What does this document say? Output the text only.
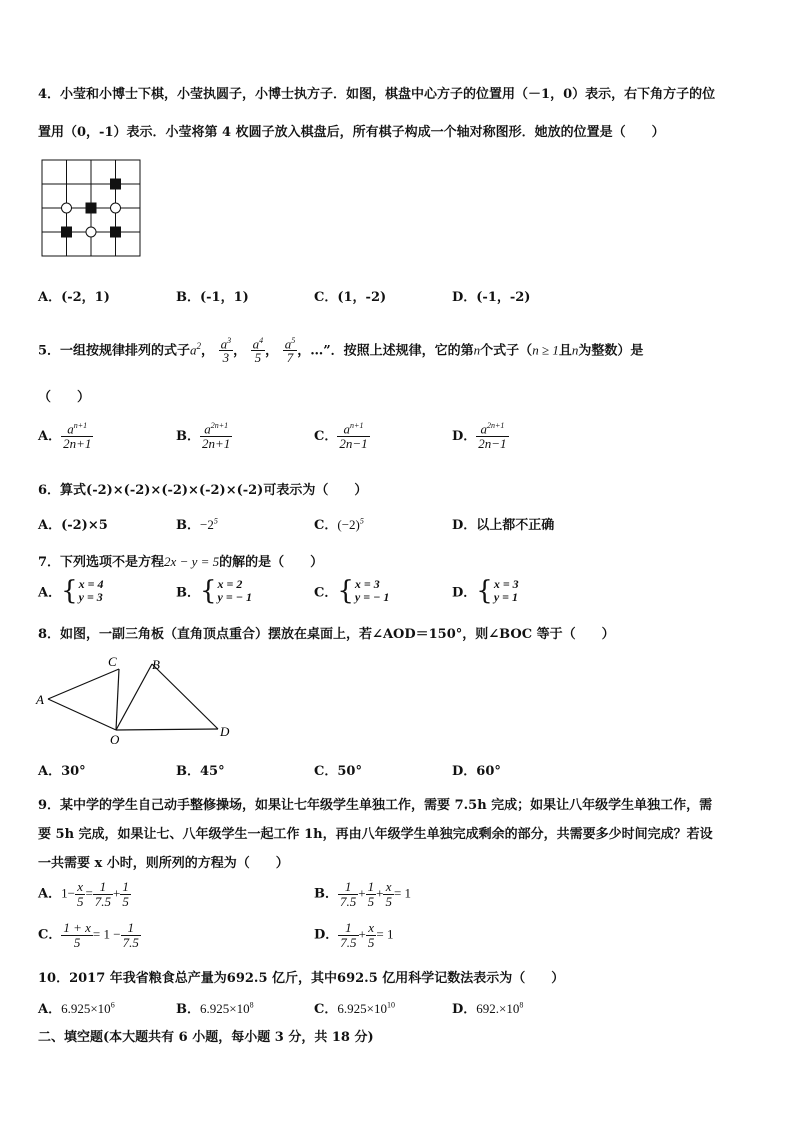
4．小莹和小博士下棋，小莹执圆子，小博士执方子．如图，棋盘中心方子的位置用（－1，0）表示，右下角方子的位
置用（0，-1）表示．小莹将第 4 枚圆子放入棋盘后，所有棋子构成一个轴对称图形．她放的位置是（　　）
A．(-2，1)	B．(-1，1)	C．(1，-2)	D．(-1，-2)
5．一组按规律排列的式子$a^2$， $\frac{a^3}{3}$ ， $\frac{a^4}{5}$ ， $\frac{a^5}{7}$ ，…”．按照上述规律，它的第n个式子（n ≥ 1且n为整数）是
（　　）
A． $\frac{a^{n+1}}{2n+1}$	B． $\frac{a^{2n+1}}{2n+1}$	C． $\frac{a^{n+1}}{2n-1}$	D． $\frac{a^{2n+1}}{2n-1}$
6．算式(-2)×(-2)×(-2)×(-2)×(-2)可表示为（　　）
A．(-2)×5	B．$-2^5$	C．$(-2)^5$	D．以上都不正确
7．下列选项不是方程2x − y = 5的解的是（　　）
A．{ x = 4
y = 3	B．{ x = 2
y = − 1	C．{ x = 3
y = − 1	D．{ x = 3
y = 1
8．如图，一副三角板（直角顶点重合）摆放在桌面上，若∠AOD＝150°，则∠BOC 等于（　　）
A
C	B
O
D
A．30°	B．45°	C．50°	D．60°
9．某中学的学生自己动手整修操场，如果让七年级学生单独工作，需要 7.5h 完成；如果让八年级学生单独工作，需
要 5h 完成，如果让七、八年级学生一起工作 1h，再由八年级学生单独完成剩余的部分，共需要多少时间完成？若设
一共需要 x 小时，则所列的方程为（　　）
A．$1- \frac{x}{5} = \frac{1}{7.5} + \frac{1}{5}$	B． $\frac{1}{7.5} + \frac{1}{5} + \frac{x}{5} = 1$
C． $\frac{1 + x}{5} = 1 - \frac{1}{7.5}$	D． $\frac{1}{7.5} + \frac{x}{5} = 1$
10．2017 年我省粮食总产量为692.5 亿斤，其中692.5 亿用科学记数法表示为（　　）
A．$6.925\times 10^6$	B．$6.925\times 10^8$	C．$6.925\times 10^{10}$	D．$692.\times 10^8$
二、填空题(本大题共有 6 小题，每小题 3 分，共 18 分)
